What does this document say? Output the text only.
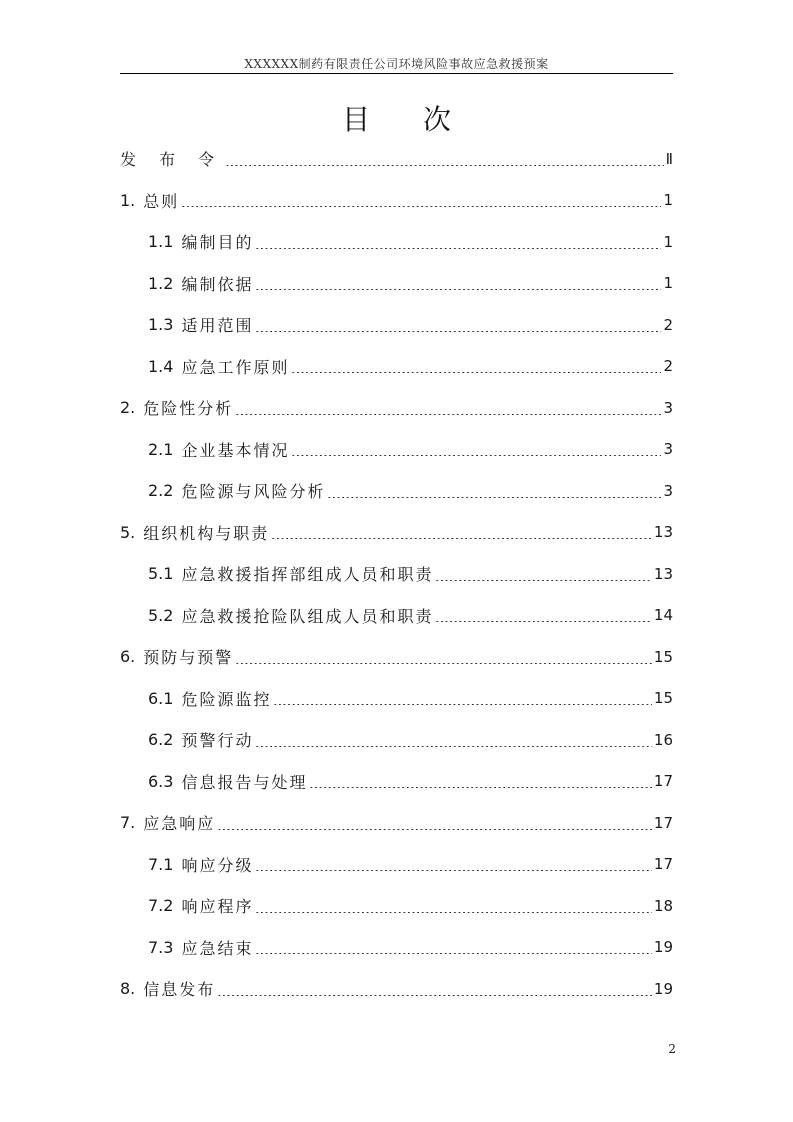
XXXXXX制药有限责任公司环境风险事故应急救援预案
目 次
发 布 令	Ⅱ
1. 总则	1
1.1 编制目的	1
1.2 编制依据	1
1.3 适用范围	2
1.4 应急工作原则	2
2. 危险性分析	3
2.1 企业基本情况	3
2.2 危险源与风险分析	3
5. 组织机构与职责	13
5.1 应急救援指挥部组成人员和职责	13
5.2 应急救援抢险队组成人员和职责	14
6. 预防与预警	15
6.1 危险源监控	15
6.2 预警行动	16
6.3 信息报告与处理	17
7. 应急响应	17
7.1 响应分级	17
7.2 响应程序	18
7.3 应急结束	19
8. 信息发布	19
2
